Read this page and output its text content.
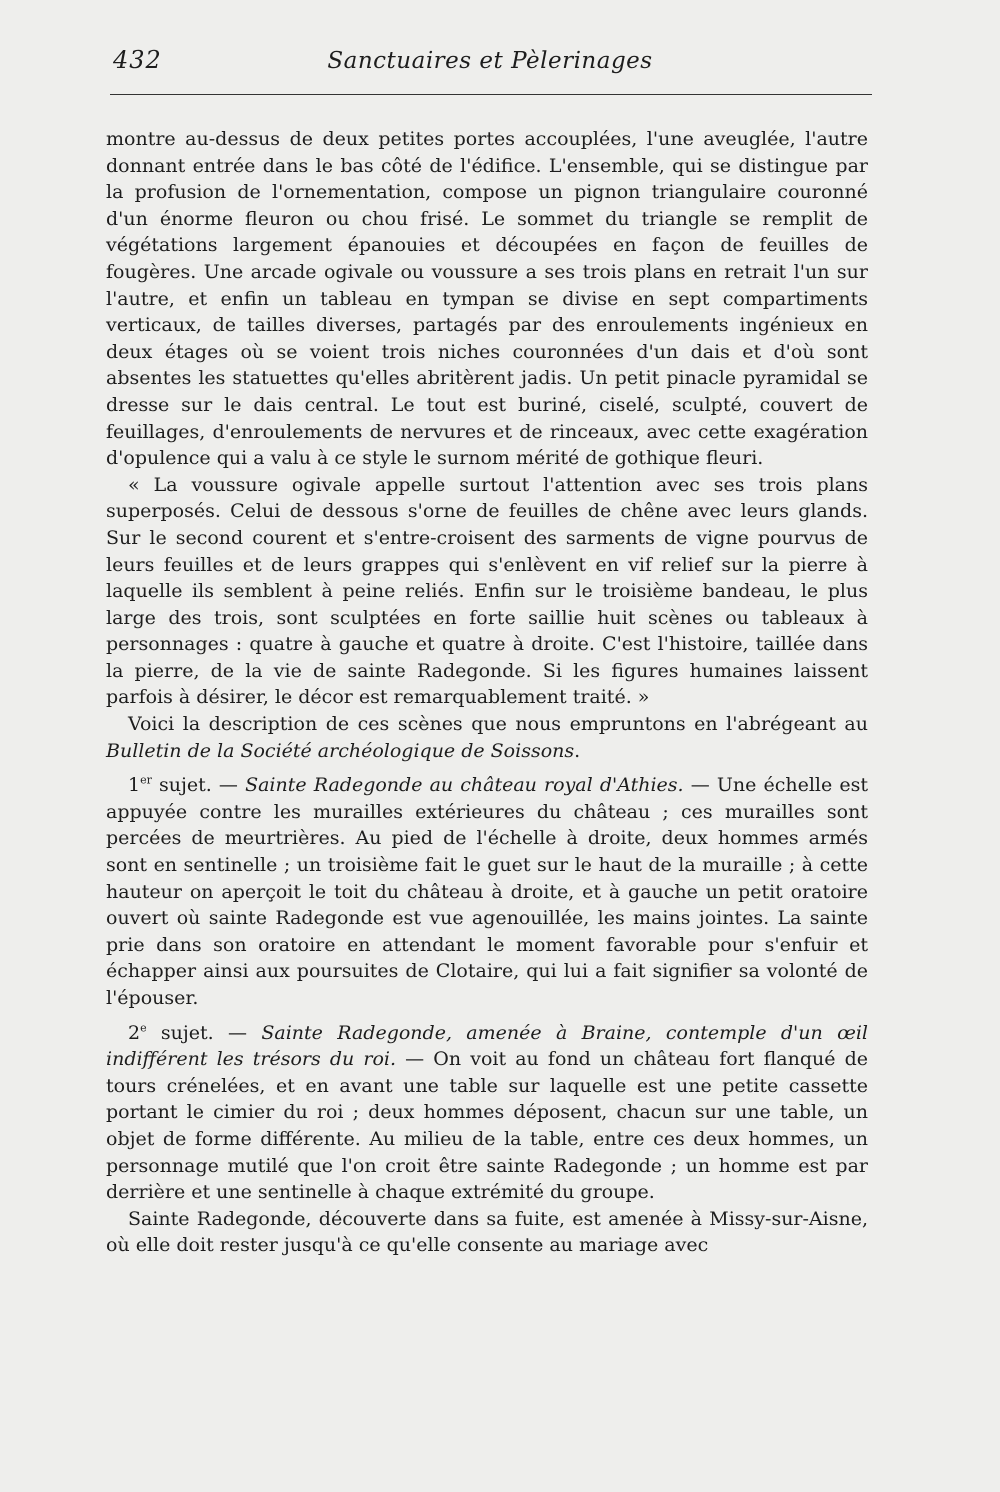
432	Sanctuaires et Pèlerinages

montre au-dessus de deux petites portes accouplées, l'une aveuglée, l'autre donnant entrée dans le bas côté de l'édifice. L'ensemble, qui se distingue par la profusion de l'ornementation, compose un pignon triangulaire couronné d'un énorme fleuron ou chou frisé. Le sommet du triangle se remplit de végétations largement épanouies et découpées en façon de feuilles de fougères. Une arcade ogivale ou voussure a ses trois plans en retrait l'un sur l'autre, et enfin un tableau en tympan se divise en sept compartiments verticaux, de tailles diverses, partagés par des enroulements ingénieux en deux étages où se voient trois niches couronnées d'un dais et d'où sont absentes les statuettes qu'elles abritèrent jadis. Un petit pinacle pyramidal se dresse sur le dais central. Le tout est buriné, ciselé, sculpté, couvert de feuillages, d'enroulements de nervures et de rinceaux, avec cette exagération d'opulence qui a valu à ce style le surnom mérité de gothique fleuri.

« La voussure ogivale appelle surtout l'attention avec ses trois plans superposés. Celui de dessous s'orne de feuilles de chêne avec leurs glands. Sur le second courent et s'entre-croisent des sarments de vigne pourvus de leurs feuilles et de leurs grappes qui s'enlèvent en vif relief sur la pierre à laquelle ils semblent à peine reliés. Enfin sur le troisième bandeau, le plus large des trois, sont sculptées en forte saillie huit scènes ou tableaux à personnages : quatre à gauche et quatre à droite. C'est l'histoire, taillée dans la pierre, de la vie de sainte Radegonde. Si les figures humaines laissent parfois à désirer, le décor est remarquablement traité. »

Voici la description de ces scènes que nous empruntons en l'abrégeant au Bulletin de la Société archéologique de Soissons.

1er sujet. — Sainte Radegonde au château royal d'Athies. — Une échelle est appuyée contre les murailles extérieures du château ; ces murailles sont percées de meurtrières. Au pied de l'échelle à droite, deux hommes armés sont en sentinelle ; un troisième fait le guet sur le haut de la muraille ; à cette hauteur on aperçoit le toit du château à droite, et à gauche un petit oratoire ouvert où sainte Radegonde est vue agenouillée, les mains jointes. La sainte prie dans son oratoire en attendant le moment favorable pour s'enfuir et échapper ainsi aux poursuites de Clotaire, qui lui a fait signifier sa volonté de l'épouser.

2e sujet. — Sainte Radegonde, amenée à Braine, contemple d'un œil indifférent les trésors du roi. — On voit au fond un château fort flanqué de tours crénelées, et en avant une table sur laquelle est une petite cassette portant le cimier du roi ; deux hommes déposent, chacun sur une table, un objet de forme différente. Au milieu de la table, entre ces deux hommes, un personnage mutilé que l'on croit être sainte Radegonde ; un homme est par derrière et une sentinelle à chaque extrémité du groupe.

Sainte Radegonde, découverte dans sa fuite, est amenée à Missy-sur-Aisne, où elle doit rester jusqu'à ce qu'elle consente au mariage avec
